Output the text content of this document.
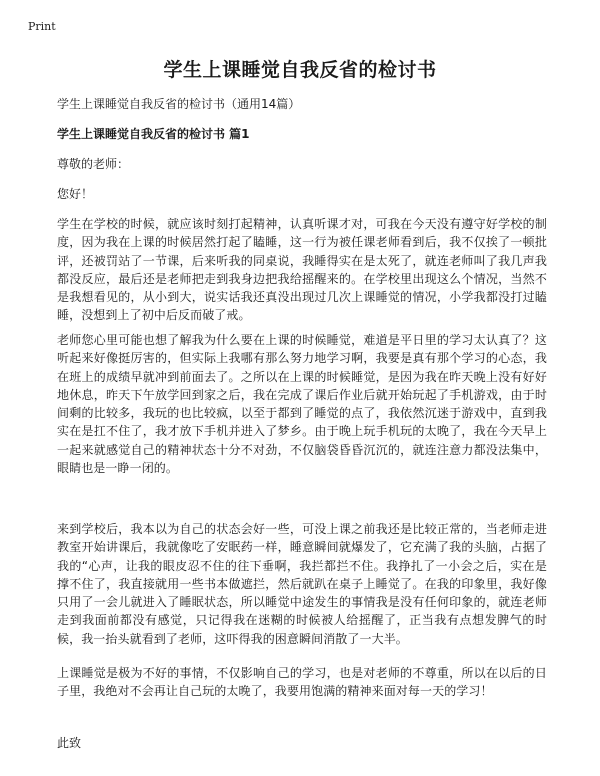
Print
学生上课睡觉自我反省的检讨书
学生上课睡觉自我反省的检讨书（通用14篇）
学生上课睡觉自我反省的检讨书 篇1
尊敬的老师：
您好！
学生在学校的时候，就应该时刻打起精神，认真听课才对，可我在今天没有遵守好学校的制度，因为我在上课的时候居然打起了瞌睡，这一行为被任课老师看到后，我不仅挨了一顿批评，还被罚站了一节课，后来听我的同桌说，我睡得实在是太死了，就连老师叫了我几声我都没反应，最后还是老师把走到我身边把我给摇醒来的。在学校里出现这么个情况，当然不是我想看见的，从小到大，说实话我还真没出现过几次上课睡觉的情况，小学我都没打过瞌睡，没想到上了初中后反而破了戒。
老师您心里可能也想了解我为什么要在上课的时候睡觉，难道是平日里的学习太认真了？这听起来好像挺厉害的，但实际上我哪有那么努力地学习啊，我要是真有那个学习的心态，我在班上的成绩早就冲到前面去了。之所以在上课的时候睡觉，是因为我在昨天晚上没有好好地休息，昨天下午放学回到家之后，我在完成了课后作业后就开始玩起了手机游戏，由于时间剩的比较多，我玩的也比较疯，以至于都到了睡觉的点了，我依然沉迷于游戏中，直到我实在是扛不住了，我才放下手机并进入了梦乡。由于晚上玩手机玩的太晚了，我在今天早上一起来就感觉自己的精神状态十分不对劲，不仅脑袋昏昏沉沉的，就连注意力都没法集中，眼睛也是一睁一闭的。
来到学校后，我本以为自己的状态会好一些，可没上课之前我还是比较正常的，当老师走进教室开始讲课后，我就像吃了安眠药一样，睡意瞬间就爆发了，它充满了我的头脑，占据了我的“心声，让我的眼皮忍不住的往下垂啊，我拦都拦不住。我挣扎了一小会之后，实在是撑不住了，我直接就用一些书本做遮拦，然后就趴在桌子上睡觉了。在我的印象里，我好像只用了一会儿就进入了睡眠状态，所以睡觉中途发生的事情我是没有任何印象的，就连老师走到我面前都没有感觉，只记得我在迷糊的时候被人给摇醒了，正当我有点想发脾气的时候，我一抬头就看到了老师，这吓得我的困意瞬间消散了一大半。
上课睡觉是极为不好的事情，不仅影响自己的学习，也是对老师的不尊重，所以在以后的日子里，我绝对不会再让自己玩的太晚了，我要用饱满的精神来面对每一天的学习！
此致
